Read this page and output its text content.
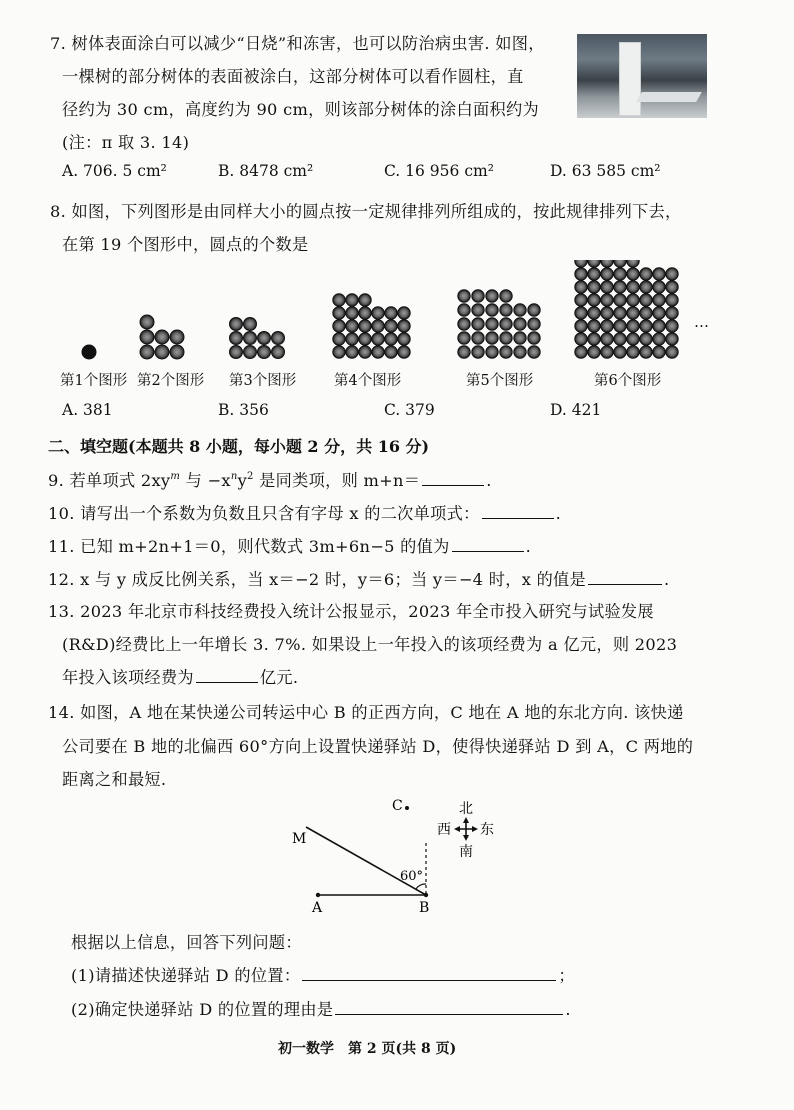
7. 树体表面涂白可以减少“日烧”和冻害，也可以防治病虫害. 如图，
一棵树的部分树体的表面被涂白，这部分树体可以看作圆柱，直
径约为 30 cm，高度约为 90 cm，则该部分树体的涂白面积约为
(注：π 取 3. 14)
A. 706. 5 cm²	B. 8478 cm²	C. 16 956 cm²	D. 63 585 cm²
8. 如图，下列图形是由同样大小的圆点按一定规律排列所组成的，按此规律排列下去，
在第 19 个图形中，圆点的个数是
第1个图形 第2个图形 第3个图形	第4个图形	第5个图形	第6个图形
…
A. 381	B. 356	C. 379	D. 421
二、填空题(本题共 8 小题，每小题 2 分，共 16 分)
9. 若单项式 $2xy^m$ 与 $-x^ny^2$ 是同类项，则 m+n＝	.
10. 请写出一个系数为负数且只含有字母 x 的二次单项式：	.
11. 已知 m+2n+1＝0，则代数式 3m+6n−5 的值为	.
12. x 与 y 成反比例关系，当 x＝−2 时，y＝6；当 y＝−4 时，x 的值是	.
13. 2023 年北京市科技经费投入统计公报显示，2023 年全市投入研究与试验发展
(R&D)经费比上一年增长 3. 7%. 如果设上一年投入的该项经费为 a 亿元，则 2023
年投入该项经费为	亿元.
14. 如图，A 地在某快递公司转运中心 B 的正西方向，C 地在 A 地的东北方向. 该快递
公司要在 B 地的北偏西 60°方向上设置快递驿站 D，使得快递驿站 D 到 A，C 两地的
距离之和最短.
C
M
A	B
60°
北
南
西 东
根据以上信息，回答下列问题：
(1)请描述快递驿站 D 的位置：	；
(2)确定快递驿站 D 的位置的理由是	.
初一数学　第 2 页(共 8 页)
